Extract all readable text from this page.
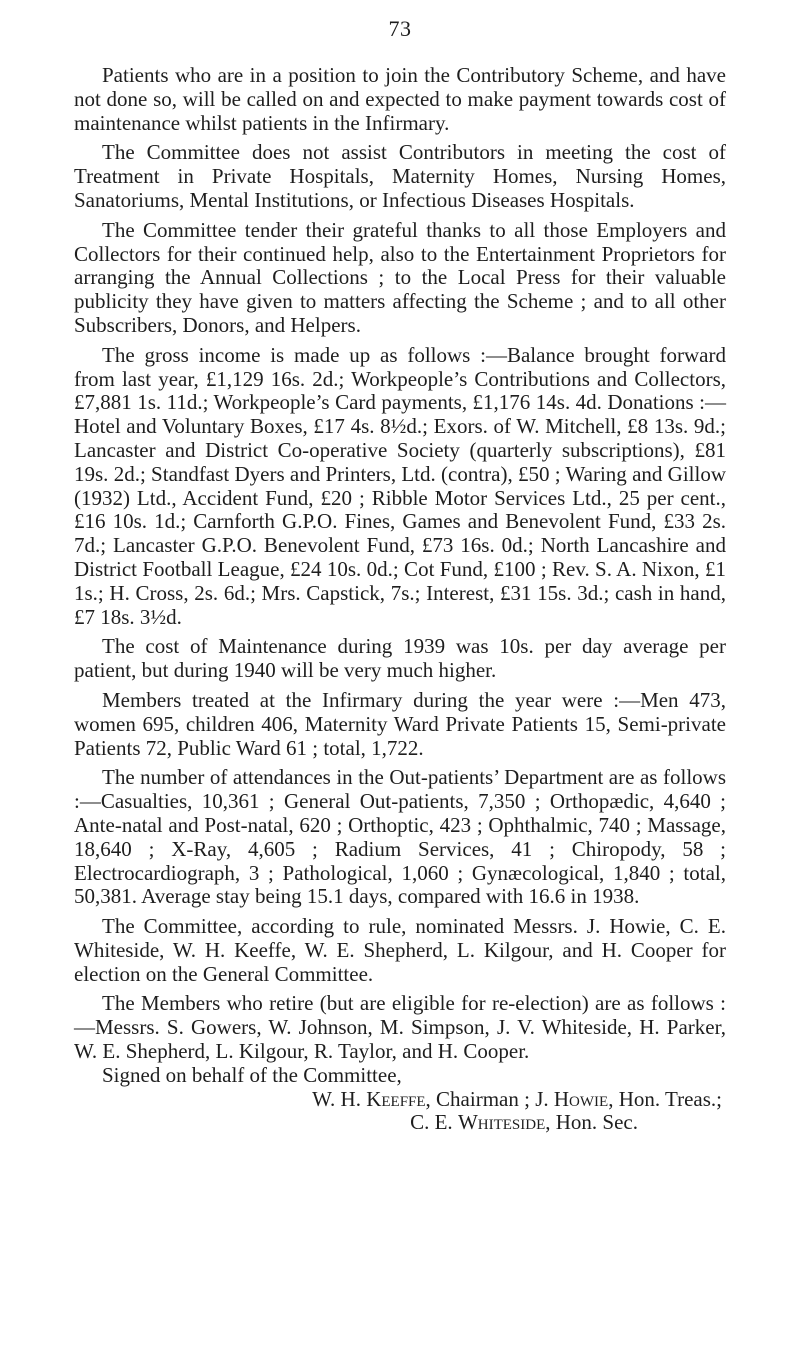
73

Patients who are in a position to join the Contributory Scheme, and have not done so, will be called on and expected to make payment towards cost of maintenance whilst patients in the Infirmary.

The Committee does not assist Contributors in meeting the cost of Treatment in Private Hospitals, Maternity Homes, Nursing Homes, Sanatoriums, Mental Institutions, or Infectious Diseases Hospitals.

The Committee tender their grateful thanks to all those Employers and Collectors for their continued help, also to the Entertainment Proprietors for arranging the Annual Collections ; to the Local Press for their valuable publicity they have given to matters affecting the Scheme ; and to all other Subscribers, Donors, and Helpers.

The gross income is made up as follows :—Balance brought forward from last year, £1,129 16s. 2d.; Workpeople’s Contributions and Collectors, £7,881 1s. 11d.; Workpeople’s Card payments, £1,176 14s. 4d. Donations :—Hotel and Voluntary Boxes, £17 4s. 8½d.; Exors. of W. Mitchell, £8 13s. 9d.; Lancaster and District Co-operative Society (quarterly subscriptions), £81 19s. 2d.; Standfast Dyers and Printers, Ltd. (contra), £50 ; Waring and Gillow (1932) Ltd., Accident Fund, £20 ; Ribble Motor Services Ltd., 25 per cent., £16 10s. 1d.; Carnforth G.P.O. Fines, Games and Benevolent Fund, £33 2s. 7d.; Lancaster G.P.O. Benevolent Fund, £73 16s. 0d.; North Lancashire and District Football League, £24 10s. 0d.; Cot Fund, £100 ; Rev. S. A. Nixon, £1 1s.; H. Cross, 2s. 6d.; Mrs. Capstick, 7s.; Interest, £31 15s. 3d.; cash in hand, £7 18s. 3½d.

The cost of Maintenance during 1939 was 10s. per day average per patient, but during 1940 will be very much higher.

Members treated at the Infirmary during the year were :—Men 473, women 695, children 406, Maternity Ward Private Patients 15, Semi-private Patients 72, Public Ward 61 ; total, 1,722.

The number of attendances in the Out-patients’ Department are as follows :—Casualties, 10,361 ; General Out-patients, 7,350 ; Orthopædic, 4,640 ; Ante-natal and Post-natal, 620 ; Orthoptic, 423 ; Ophthalmic, 740 ; Massage, 18,640 ; X-Ray, 4,605 ; Radium Services, 41 ; Chiropody, 58 ; Electrocardiograph, 3 ; Pathological, 1,060 ; Gynæcological, 1,840 ; total, 50,381. Average stay being 15.1 days, compared with 16.6 in 1938.

The Committee, according to rule, nominated Messrs. J. Howie, C. E. Whiteside, W. H. Keeffe, W. E. Shepherd, L. Kilgour, and H. Cooper for election on the General Committee.

The Members who retire (but are eligible for re-election) are as follows :—Messrs. S. Gowers, W. Johnson, M. Simpson, J. V. Whiteside, H. Parker, W. E. Shepherd, L. Kilgour, R. Taylor, and H. Cooper.

Signed on behalf of the Committee,

W. H. Keeffe, Chairman ; J. Howie, Hon. Treas.;

C. E. Whiteside, Hon. Sec.
